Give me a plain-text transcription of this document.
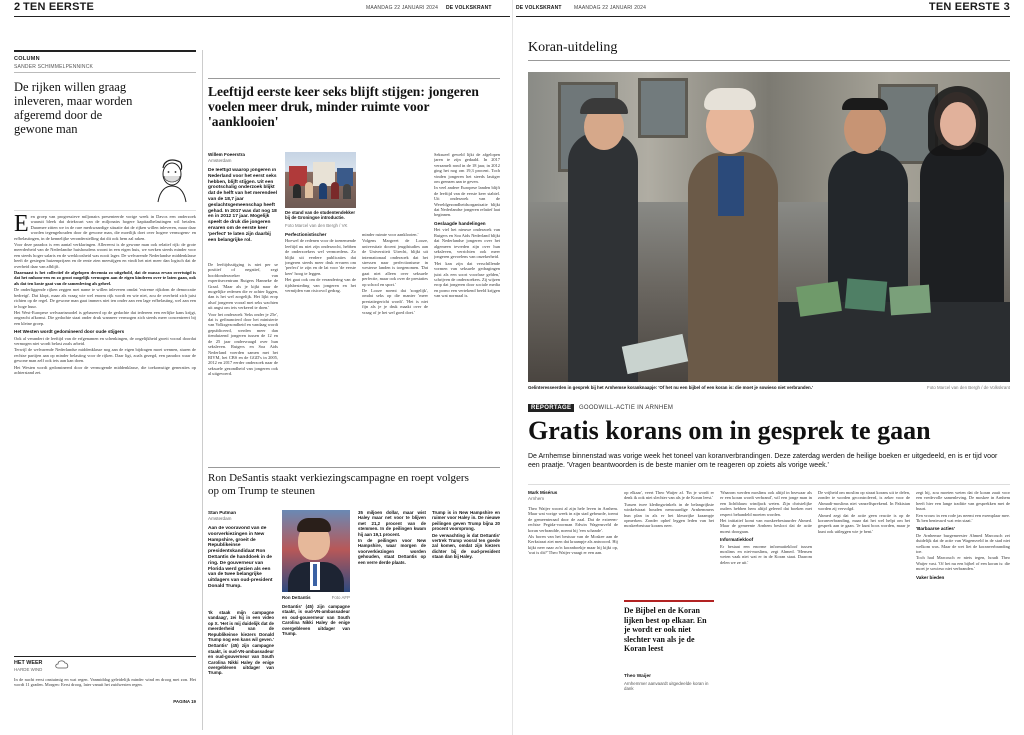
2 TEN EERSTE	MAANDAG 22 JANUARI 2024 DE VOLKSKRANT	DE VOLKSKRANT MAANDAG 22 JANUARI 2024	TEN EERSTE 3
COLUMN
SANDER SCHIMMELPENNINCK
De rijken willen graag inleveren, maar worden afgeremd door de gewone man
E en groep van progressieve miljonairs presenteerde vorige week in Davos een onderzoek waaruit bleek dat driekwart van de miljonairs hogere kapitaalbelastingen wil betalen. Daarmee zitten we in de rare merkwaardige situatie dat de rijken willen inleveren, maar daar worden tegengehouden door de gewone man, die moeilijk doet over hogere vermogens- en erfbelastingen, in de kennelijke veronderstelling dat dit ook hem zal raken.

Voor deze paradox is een aantal verklaringen. Allereerst is de gewone man ook relatief rijk: de grote meerderheid van de Nederlandse huishoudens woont in een eigen huis, we werken steeds minder voor een steeds hoger salaris en de werkloosheid was nooit lager. De welvarende Nederlandse middenklasse heeft de gestegen huizenprijzen en de rente zien meestijgen en vindt het niet meer dan logisch dat de overheid daar van afblijft.

Daarnaast is het collectief de afgelopen decennia zo uitgehold, dat de massa ervan overtuigd is dat het nulsom-een en zo groot mogelijk vermogen aan de eigen kinderen over te laten gaan, ook als dat ten koste gaat van de samenleving als geheel.

De onderliggende rijken zeggen met name te willen inleveren omdat 'extreme rijkdom de democratie bedreigt'. Dat klopt, maar als vraag wie wel enorm rijk wordt en wie niet, zou de overheid zich juist richten op de regel. De gewone man gaat immers niet ten onder aan een lage erfbelasting, wel aan een te hoge huur.

Het West-Europese welvaartsmodel is gebaseerd op de gedachte dat iedereen een eerlijke kans krijgt, ongeacht afkomst. Die gedachte staat onder druk wanneer vermogen zich steeds meer concentreert bij een kleine groep.

Het Westen wordt gedomineerd door oude stijgers

Ook al verandert de leeftijd van de erfgenamen en schenkingen, de ongelijkheid groeit vooral doordat vermogen niet wordt belast zoals arbeid.

Terwijl de welvarende Nederlandse middenklasse nog aan de eigen bijdragen moet wennen, sturen de rechtse partijen aan op minder belasting voor de rijken. Daar ligt, zoals gezegd, een paradox waar de gewone man zelf ook iets aan kan doen.

Het Westen wordt gedomineerd door de vermogende middenklasse, die toekomstige generaties op achterstand zet.

HET WEER
HARDE WIND
In de nacht eerst onstuimig en wat regen. Vanmiddag geleidelijk minder wind en droog met zon. Het wordt 11 graden. Morgen: Eerst droog, later vanuit het zuidwesten regen.
PAGINA 19
Leeftijd eerste keer seks blijft stijgen: jongeren voelen meer druk, minder ruimte voor 'aanklooien'
Willem Foeerstra
Amsterdam
De leeftijd waarop jongeren in Nederland voor het eerst seks hebben, blijft stijgen. Uit een grootschalig onderzoek blijkt dat de helft van het merendeel van de 18,7 jaar geslachtsgemeenschap heeft gehad. In 2017 was dat nog 18 en in 2012 17 jaar. Mogelijk speelt de druk die jongeren ervaren om de eerste keer 'perfect' te laten zijn daarbij een belangrijke rol.

De leeftijdsstijging is niet per se positief of negatief, zegt hoofdonderzoeker van expertisecentrum Rutgers Hanneke de Graaf. 'Maar als je kijkt naar de mogelijke redenen die er achter liggen, dan is het wel zorgelijk. Het lijkt erop alsof jongeren vooral met seks wachten uit angst om iets verkeerd te doen.'

Voor het onderzoek 'Seks onder je 25e', dat is gefinancierd door het ministerie van Volksgezondheid en vandaag wordt gepubliceerd, werden meer dan tienduizend jongeren tussen de 12 en de 25 jaar ondervraagd over hun seksleven. Rutgers en Soa Aids Nederland voerden samen met het RIVM, het CBS en de GGD's in 2005, 2012 en 2017 eerder onderzoek naar de seksuele gezondheid van jongeren ook al uitgevoerd.

De stand van de studentendekker bij de Groningse introductie.
Foto Marcel van den Bergh / VK
Perfectionistischer

Hoewel de redenen voor de toenemende leeftijd nu niet zijn onderzocht, hebben de onderzoekers wel vermoedens. Zo blijkt uit eerdere publicaties dat jongeren steeds meer druk ervaren om 'perfect' te zijn en de lat voor 'de eerste keer' hoog te leggen.

Het gaat ook om de verandering van de tijdsbesteding van jongeren en het vermijden van risicovol gedrag.

minder ruimte voor aanklooien.'

Volgens Margreet de Looze, universitair docent jeugdstudies aan de Universiteit Utrecht, blijkt uit internationaal onderzoek dat het stressen naar perfectionisme in westerse landen is toegenomen. 'Dat gaat niet alleen over seksuele perfectie, maar ook over de prestaties op school en sport.'

De Looze noemt dat 'zorgelijk', omdat seks op die manier 'meer prestatiegericht wordt'. 'Het is niet fijn als je je druk maakt over de vraag of je het wel goed doet.'

Seksueel geweld lijkt de afgelopen jaren te zijn gedaald. In 2017 verzamelt rond in de 18 jaar, in 2012 ging het nog om 19,3 procent. Toch vinden jongeren het steeds lastiger om grenzen aan te geven.

In veel andere Europese landen blijft de leeftijd van de eerste keer stabiel. Uit onderzoek van de Wereldgezondheidsorganisatie blijkt dat Nederlandse jongeren relatief laat beginnen.

Geslaagde handelingen

Het viel het nieuwe onderzoek van Rutgers en Soa Aids Nederland blijkt dat Nederlandse jongeren over het algemeen tevreden zijn over hun seksleven, verrichten ook meer jongeren gevoelens van onzekerheid.

'Het kan zijn dat verschillende vormen van seksuele gedragingen juist als een soort voorfase gelden,' schrijven de onderzoekers. Zij wijzen erop dat jongeren door sociale media en porno een vertekend beeld krijgen van wat normaal is.

Ron DeSantis staakt verkiezingscampagne en roept volgers op om Trump te steunen
Stan Putman
Amsterdam
Aan de vooravond van de voorverkiezingen in New Hampshire, groeit de Republikeinse presidentskandidaat Ron DeSantis de handdoek in de ring. De gouverneur van Florida werd gezien als een van de twee belangrijke uitdagers van oud-president Donald Trump.

'Ik staak mijn campagne vandaag', zei hij in een video op X. 'Het is mij duidelijk dat de meerderheid van de Republikeinse kiezers Donald Trump nog een kans wil geven.'

DeSantis' (45) zijn campagne staakt, is oud-VN-ambassadeur en oud-gouverneur van South Carolina Nikki Haley de enige overgebleven uitdager van Trump.

Ron DeSantis	Foto AFP

DeSantis' (45) zijn campagne staakt, is oud-VN-ambassadeur en oud-gouverneur van South Carolina Nikki Haley de enige overgebleven uitdager van Trump.

35 miljoen dollar, maar wist Haley maar net voor te blijven met 21,2 procent van de stemmen. In de peilingen kwam hij aan 19,1 procent.

In de peilingen voor New Hampshire, waar morgen de voorverkiezingen worden gehouden, staat DeSantis op een verre derde plaats.

Trump is in New Hampshire en ruimer voor Haley in. De nieuwe peilingen geven Trump bijna 20 procent voorsprong.

De verwachting is dat DeSantis' vertrek Trump vooral ten goede zal komen, omdat zijn kiezers dichter bij de oud-president staan dan bij Haley.

Koran-uitdeling
Gelinteresseerden in gesprek bij het Arnhemse koranknaapje: 'Of het nu een bijbel of een koran is: die moet je sowieso niet verbranden.'	Foto Marcel van den Bergh / de Volkskrant
REPORTAGE GOODWILL-ACTIE IN ARNHEM
Gratis korans om in gesprek te gaan
De Arnhemse binnenstad was vorige week het toneel van koranverbrandingen. Deze zaterdag werden de heilige boeken er uitgedeeld, en is er tijd voor een praatje. 'Vragen beantwoorden is de beste manier om te reageren op zoiets als vorige week.'
Mark Misérus
Arnhem

Theo Waijer woont al zijn hele leven in Arnhem. Maar wat vorige week in zijn stad gebeurde, toemt de gemeenteraad door de zaal. Dat de extreem-rechtse Pegida-voorman Edwin Wagensveld de koran verbrandde, noemt hij 'een schande'.

Als boren van het bestuur van de Moskee aan de Kerkstraat ziet men dat kraampje als antwoord. Hij kijkt neer naar zo'n koranboekje maar hij kijkt op, 'wat is dit?' Theo Waijer vraagt er een aan.

op elkaar', veert Theo Waijer af. 'En je wordt er denk ik ook niet slechter van als je de Koran leest.'

Tussen twee kledingwinkels in de belangrijkste winkelstraat houden nenwaardige Arnhemmers hun plan in als er het kleurrijke kraampje opmerken. Zonder ophef leggen leden van het moskeebestuur korans neer.

De Bijbel en de Koran lijken best op elkaar. En je wordt er ook niet slechter van als je de Koran leest
Theo Waijer
Arnhemmer aanvaardt uitgedeelde koran in dank

'Waarom werden moslims ook altijd in bezwaar als er een koran wordt verbrand', wil een jonge man in een lichtblauw windjack weten. Zijn christelijke ouders hebben hem altijd geleerd dat boeken met respect behandeld moeten worden.

Het initiatief komt van moskeebestuurder Ahmed. Maar de gemeente Arnhem besloot dat de actie moest doorgaan.

Informatiekloof

Er bestaat een enorme informatiekloof tussen moslims en niet-moslims, zegt Ahmed. 'Mensen weten vaak niet wat er in de Koran staat. Daarom delen we ze uit.'

De vrijheid om moslim op straat korans uit te delen, zonder te worden gecontroleerd, is zeker voor de Ahmadi-moslims niet vanzelfsprekend. In Pakistan worden zij vervolgd.

Ahmed zegt dat de actie geen reactie is op de koranverbranding, maar dat het wel helpt om het gesprek aan te gaan. 'Je kunt boos worden, maar je kunt ook uitleggen wie je bent.'

zegt hij, zou moeten weten dat de koran zaait voor een vredevolle samenleving. De moskee in Arnhem heeft hier een lange traditie van gesprekken met de buurt.

Een vrouw in een rode jas neemt een exemplaar mee. 'Ik ben benieuwd wat erin staat.'

'Barbaarse acties'

De Arnhemse burgemeester Ahmed Marcouch zei duidelijk dat de actie van Wagensveld in de stad niet welkom was. Maar de wet liet de koranverbranding toe.

Toch had Marcouch er niets tegen, houdt Theo Waijer vast. 'Of het nu een bijbel of een koran is: die moet je sowieso niet verbranden.'

Vaker bieden
